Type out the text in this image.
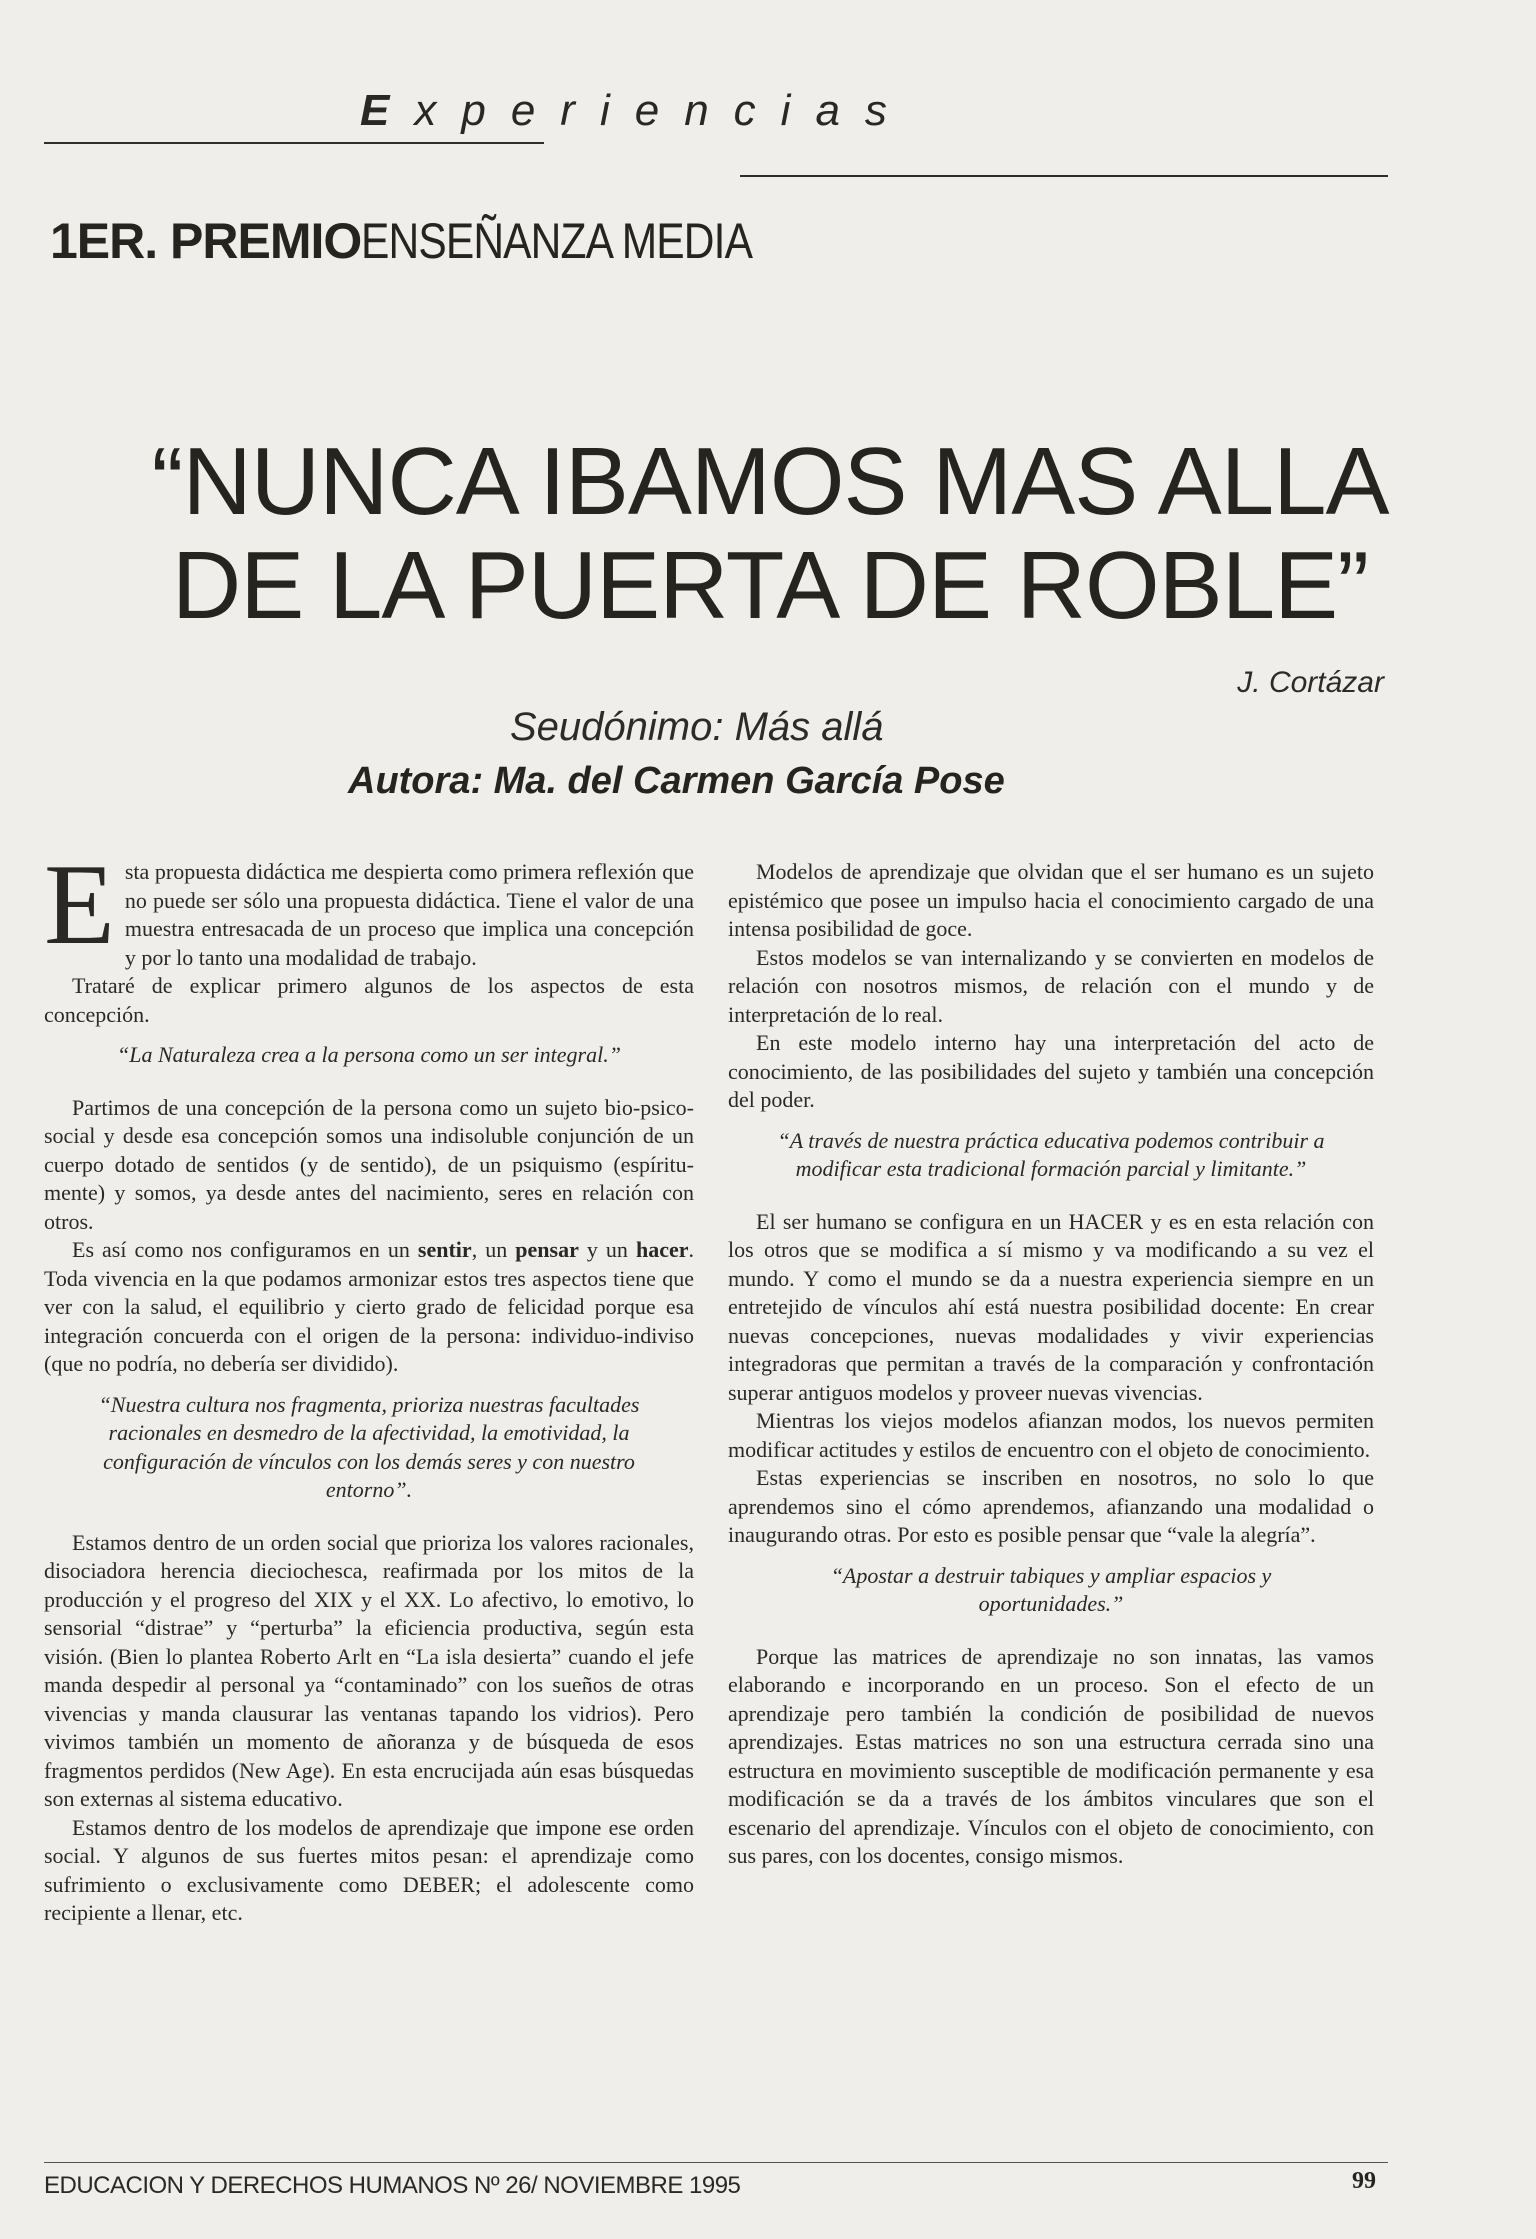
Experiencias
1ER. PREMIOENSEÑANZA MEDIA
“NUNCA IBAMOS MAS ALLA
DE LA PUERTA DE ROBLE”
J. Cortázar
Seudónimo: Más allá
Autora: Ma. del Carmen García Pose

Esta propuesta didáctica me despierta como primera reflexión que no puede ser sólo una propuesta didáctica. Tiene el valor de una muestra entresacada de un proceso que implica una concepción y por lo tanto una modalidad de trabajo.

Trataré de explicar primero algunos de los aspectos de esta concepción.

“La Naturaleza crea a la persona como un ser integral.”

Partimos de una concepción de la persona como un sujeto bio-psico-social y desde esa concepción somos una indisoluble conjunción de un cuerpo dotado de sentidos (y de sentido), de un psiquismo (espíritu-mente) y somos, ya desde antes del nacimiento, seres en relación con otros.

Es así como nos configuramos en un sentir, un pensar y un hacer. Toda vivencia en la que podamos armonizar estos tres aspectos tiene que ver con la salud, el equilibrio y cierto grado de felicidad porque esa integración concuerda con el origen de la persona: individuo-indiviso (que no podría, no debería ser dividido).

“Nuestra cultura nos fragmenta, prioriza nuestras facultades racionales en desmedro de la afectividad, la emotividad, la configuración de vínculos con los demás seres y con nuestro entorno”.

Estamos dentro de un orden social que prioriza los valores racionales, disociadora herencia dieciochesca, reafirmada por los mitos de la producción y el progreso del XIX y el XX. Lo afectivo, lo emotivo, lo sensorial “distrae” y “perturba” la eficiencia productiva, según esta visión. (Bien lo plantea Roberto Arlt en “La isla desierta” cuando el jefe manda despedir al personal ya “contaminado” con los sueños de otras vivencias y manda clausurar las ventanas tapando los vidrios). Pero vivimos también un momento de añoranza y de búsqueda de esos fragmentos perdidos (New Age). En esta encrucijada aún esas búsquedas son externas al sistema educativo.

Estamos dentro de los modelos de aprendizaje que impone ese orden social. Y algunos de sus fuertes mitos pesan: el aprendizaje como sufrimiento o exclusivamente como DEBER; el adolescente como recipiente a llenar, etc.

Modelos de aprendizaje que olvidan que el ser humano es un sujeto epistémico que posee un impulso hacia el conocimiento cargado de una intensa posibilidad de goce.

Estos modelos se van internalizando y se convierten en modelos de relación con nosotros mismos, de relación con el mundo y de interpretación de lo real.

En este modelo interno hay una interpretación del acto de conocimiento, de las posibilidades del sujeto y también una concepción del poder.

“A través de nuestra práctica educativa podemos contribuir a modificar esta tradicional formación parcial y limitante.”

El ser humano se configura en un HACER y es en esta relación con los otros que se modifica a sí mismo y va modificando a su vez el mundo. Y como el mundo se da a nuestra experiencia siempre en un entretejido de vínculos ahí está nuestra posibilidad docente: En crear nuevas concepciones, nuevas modalidades y vivir experiencias integradoras que permitan a través de la comparación y confrontación superar antiguos modelos y proveer nuevas vivencias.

Mientras los viejos modelos afianzan modos, los nuevos permiten modificar actitudes y estilos de encuentro con el objeto de conocimiento.

Estas experiencias se inscriben en nosotros, no solo lo que aprendemos sino el cómo aprendemos, afianzando una modalidad o inaugurando otras. Por esto es posible pensar que “vale la alegría”.

“Apostar a destruir tabiques y ampliar espacios y oportunidades.”

Porque las matrices de aprendizaje no son innatas, las vamos elaborando e incorporando en un proceso. Son el efecto de un aprendizaje pero también la condición de posibilidad de nuevos aprendizajes. Estas matrices no son una estructura cerrada sino una estructura en movimiento susceptible de modificación permanente y esa modificación se da a través de los ámbitos vinculares que son el escenario del aprendizaje. Vínculos con el objeto de conocimiento, con sus pares, con los docentes, consigo mismos.

EDUCACION Y DERECHOS HUMANOS Nº 26/ NOVIEMBRE 1995	99
